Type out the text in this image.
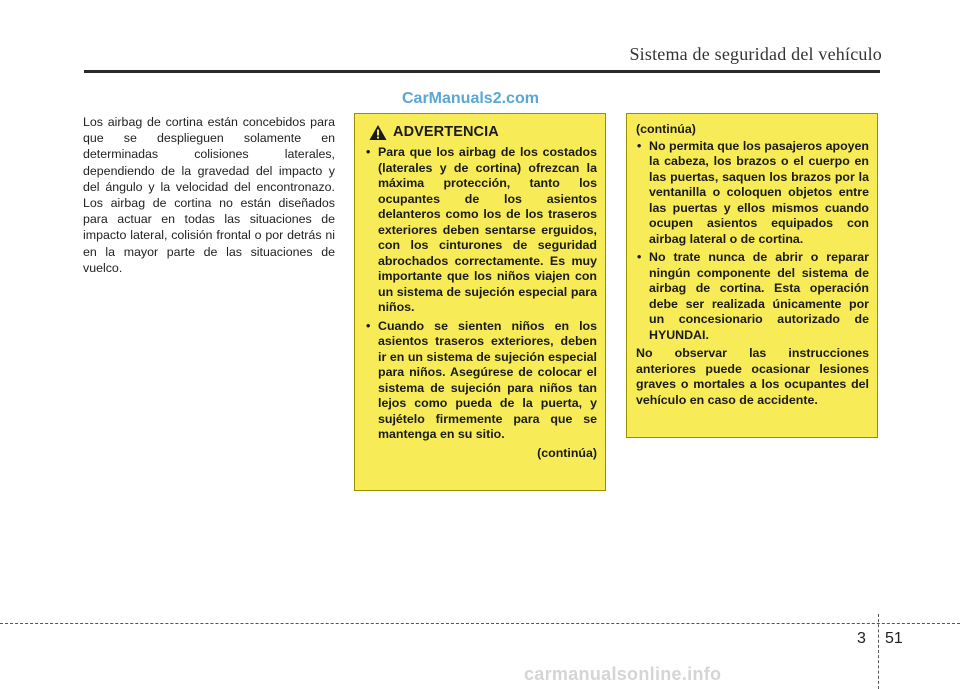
Sistema de seguridad del vehículo
CarManuals2.com
Los airbag de cortina están concebidos para que se desplieguen solamente en determinadas colisiones laterales, dependiendo de la gravedad del impacto y del ángulo y la velocidad del encontronazo. Los airbag de cortina no están diseñados para actuar en todas las situaciones de impacto lateral, colisión frontal o por detrás ni en la mayor parte de las situaciones de vuelco.
ADVERTENCIA
• Para que los airbag de los costados (laterales y de cortina) ofrezcan la máxima protección, tanto los ocupantes de los asientos delanteros como los de los traseros exteriores deben sentarse erguidos, con los cinturones de seguridad abrochados correctamente. Es muy importante que los niños viajen con un sistema de sujeción especial para niños.
• Cuando se sienten niños en los asientos traseros exteriores, deben ir en un sistema de sujeción especial para niños. Asegúrese de colocar el sistema de sujeción para niños tan lejos como pueda de la puerta, y sujételo firmemente para que se mantenga en su sitio.
(continúa)
(continúa)
• No permita que los pasajeros apoyen la cabeza, los brazos o el cuerpo en las puertas, saquen los brazos por la ventanilla o coloquen objetos entre las puertas y ellos mismos cuando ocupen asientos equipados con airbag lateral o de cortina.
• No trate nunca de abrir o reparar ningún componente del sistema de airbag de cortina. Esta operación debe ser realizada únicamente por un concesionario autorizado de HYUNDAI.
No observar las instrucciones anteriores puede ocasionar lesiones graves o mortales a los ocupantes del vehículo en caso de accidente.
3 51
carmanualsonline.info
